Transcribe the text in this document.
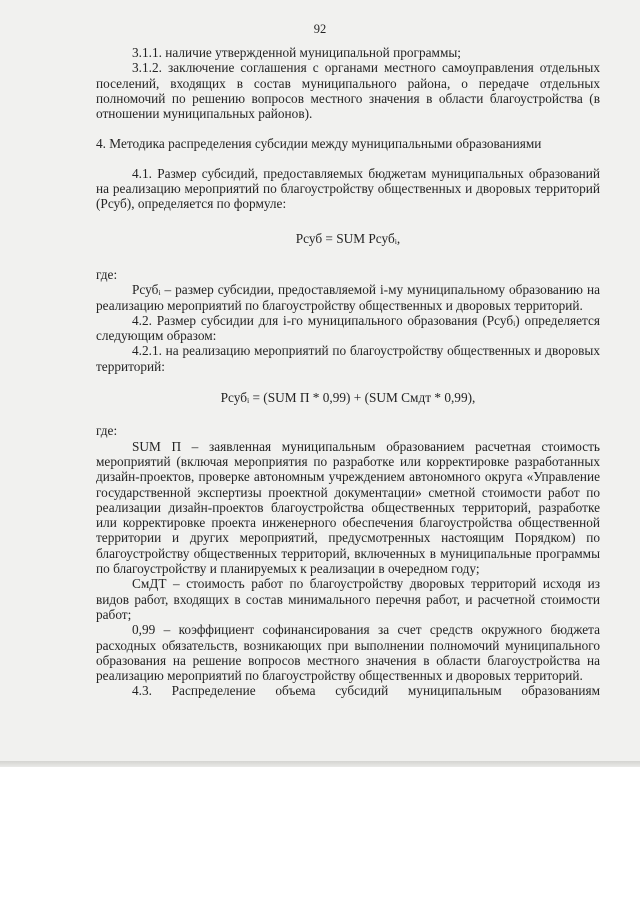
92

3.1.1. наличие утвержденной муниципальной программы;

3.1.2. заключение соглашения с органами местного самоуправления отдельных поселений, входящих в состав муниципального района, о передаче отдельных полномочий по решению вопросов местного значения в области благоустройства (в отношении муниципальных районов).

4. Методика распределения субсидии между муниципальными образованиями

4.1. Размер субсидий, предоставляемых бюджетам муниципальных образований на реализацию мероприятий по благоустройству общественных и дворовых территорий (Рсуб), определяется по формуле:

Рсуб = SUM Рсубᵢ,

где:

Рсубᵢ – размер субсидии, предоставляемой i-му муниципальному образованию на реализацию мероприятий по благоустройству общественных и дворовых территорий.

4.2. Размер субсидии для i-го муниципального образования (Рсубᵢ) определяется следующим образом:

4.2.1. на реализацию мероприятий по благоустройству общественных и дворовых территорий:

Рсубᵢ = (SUM П * 0,99) + (SUM Смдт * 0,99),

где:

SUM П – заявленная муниципальным образованием расчетная стоимость мероприятий (включая мероприятия по разработке или корректировке разработанных дизайн-проектов, проверке автономным учреждением автономного округа «Управление государственной экспертизы проектной документации» сметной стоимости работ по реализации дизайн-проектов благоустройства общественных территорий, разработке или корректировке проекта инженерного обеспечения благоустройства общественной территории и других мероприятий, предусмотренных настоящим Порядком) по благоустройству общественных территорий, включенных в муниципальные программы по благоустройству и планируемых к реализации в очередном году;

СмДТ – стоимость работ по благоустройству дворовых территорий исходя из видов работ, входящих в состав минимального перечня работ, и расчетной стоимости работ;

0,99 – коэффициент софинансирования за счет средств окружного бюджета расходных обязательств, возникающих при выполнении полномочий муниципального образования на решение вопросов местного значения в области благоустройства на реализацию мероприятий по благоустройству общественных и дворовых территорий.

4.3. Распределение объема субсидий муниципальным образованиям
